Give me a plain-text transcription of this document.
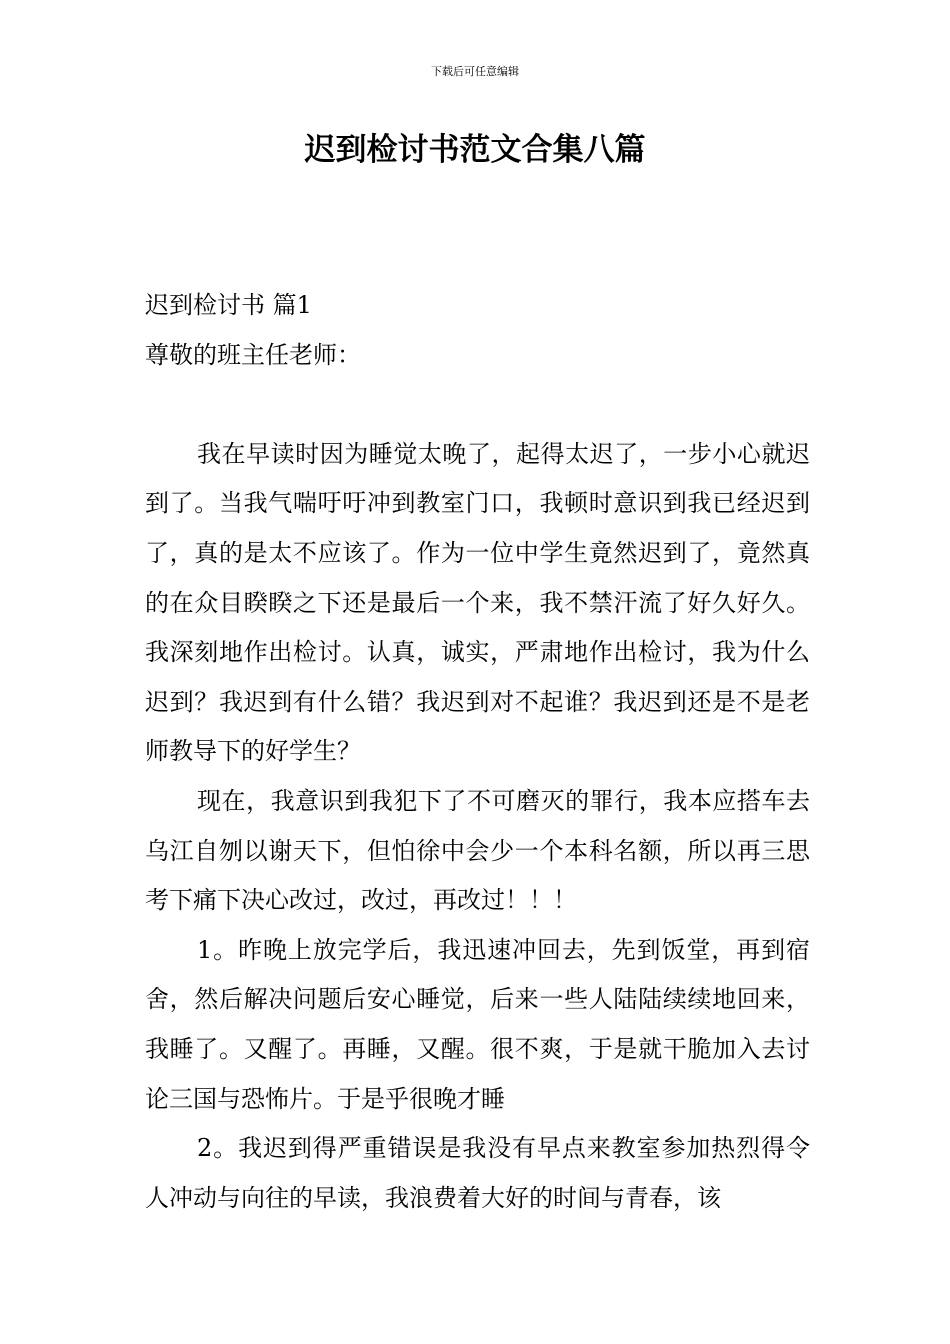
下载后可任意编辑
迟到检讨书范文合集八篇
迟到检讨书 篇1
尊敬的班主任老师：

我在早读时因为睡觉太晚了，起得太迟了，一步小心就迟到了。当我气喘吁吁冲到教室门口，我顿时意识到我已经迟到了，真的是太不应该了。作为一位中学生竟然迟到了，竟然真的在众目睽睽之下还是最后一个来，我不禁汗流了好久好久。我深刻地作出检讨。认真，诚实，严肃地作出检讨，我为什么迟到？我迟到有什么错？我迟到对不起谁？我迟到还是不是老师教导下的好学生？

现在，我意识到我犯下了不可磨灭的罪行，我本应搭车去乌江自刎以谢天下，但怕徐中会少一个本科名额，所以再三思考下痛下决心改过，改过，再改过！！！

1。昨晚上放完学后，我迅速冲回去，先到饭堂，再到宿舍，然后解决问题后安心睡觉，后来一些人陆陆续续地回来，我睡了。又醒了。再睡，又醒。很不爽，于是就干脆加入去讨论三国与恐怖片。于是乎很晚才睡

2。我迟到得严重错误是我没有早点来教室参加热烈得令人冲动与向往的早读，我浪费着大好的时间与青春，该
